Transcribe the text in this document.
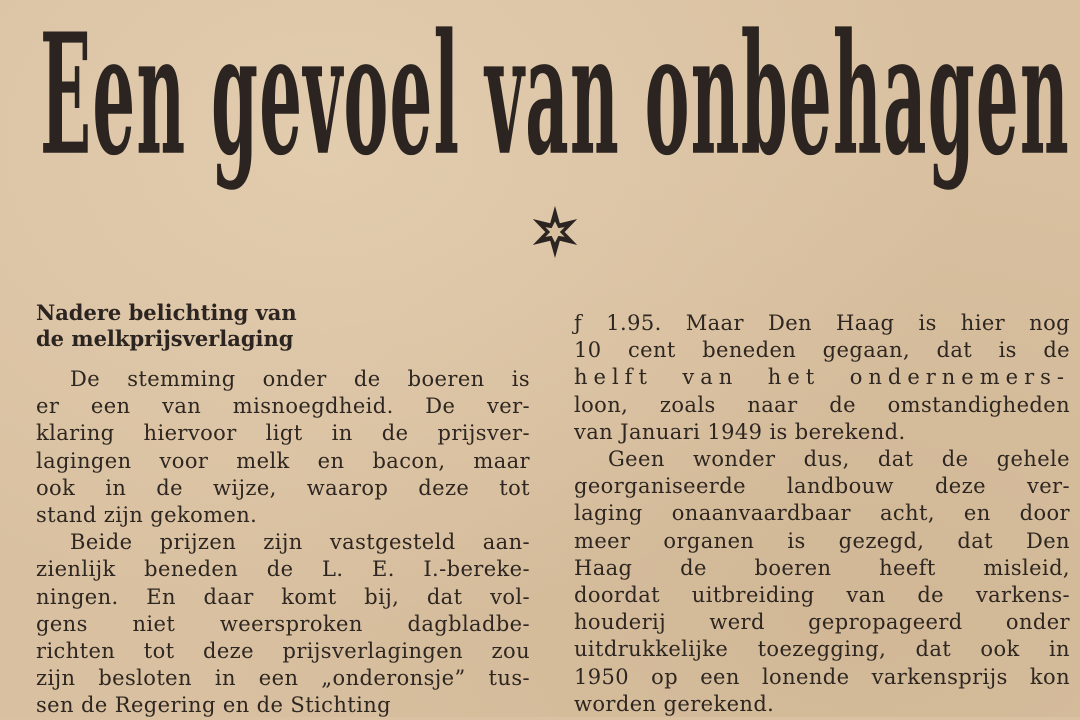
Een gevoel van onbehagen
Nadere belichting van
de melkprijsverlaging

De stemming onder de boeren is
er een van misnoegdheid. De ver-
klaring hiervoor ligt in de prijsver-
lagingen voor melk en bacon, maar
ook in de wijze, waarop deze tot
stand zijn gekomen.

Beide prijzen zijn vastgesteld aan-
zienlijk beneden de L. E. I.-bereke-
ningen. En daar komt bij, dat vol-
gens niet weersproken dagbladbe-
richten tot deze prijsverlagingen zou
zijn besloten in een „onderonsje” tus-
sen de Regering en de Stichting

ƒ 1.95. Maar Den Haag is hier nog
10 cent beneden gegaan, dat is de
helft van het ondernemers-
loon, zoals naar de omstandigheden
van Januari 1949 is berekend.

Geen wonder dus, dat de gehele
georganiseerde landbouw deze ver-
laging onaanvaardbaar acht, en door
meer organen is gezegd, dat Den
Haag de boeren heeft misleid,
doordat uitbreiding van de varkens-
houderij werd gepropageerd onder
uitdrukkelijke toezegging, dat ook in
1950 op een lonende varkensprijs kon
worden gerekend.
